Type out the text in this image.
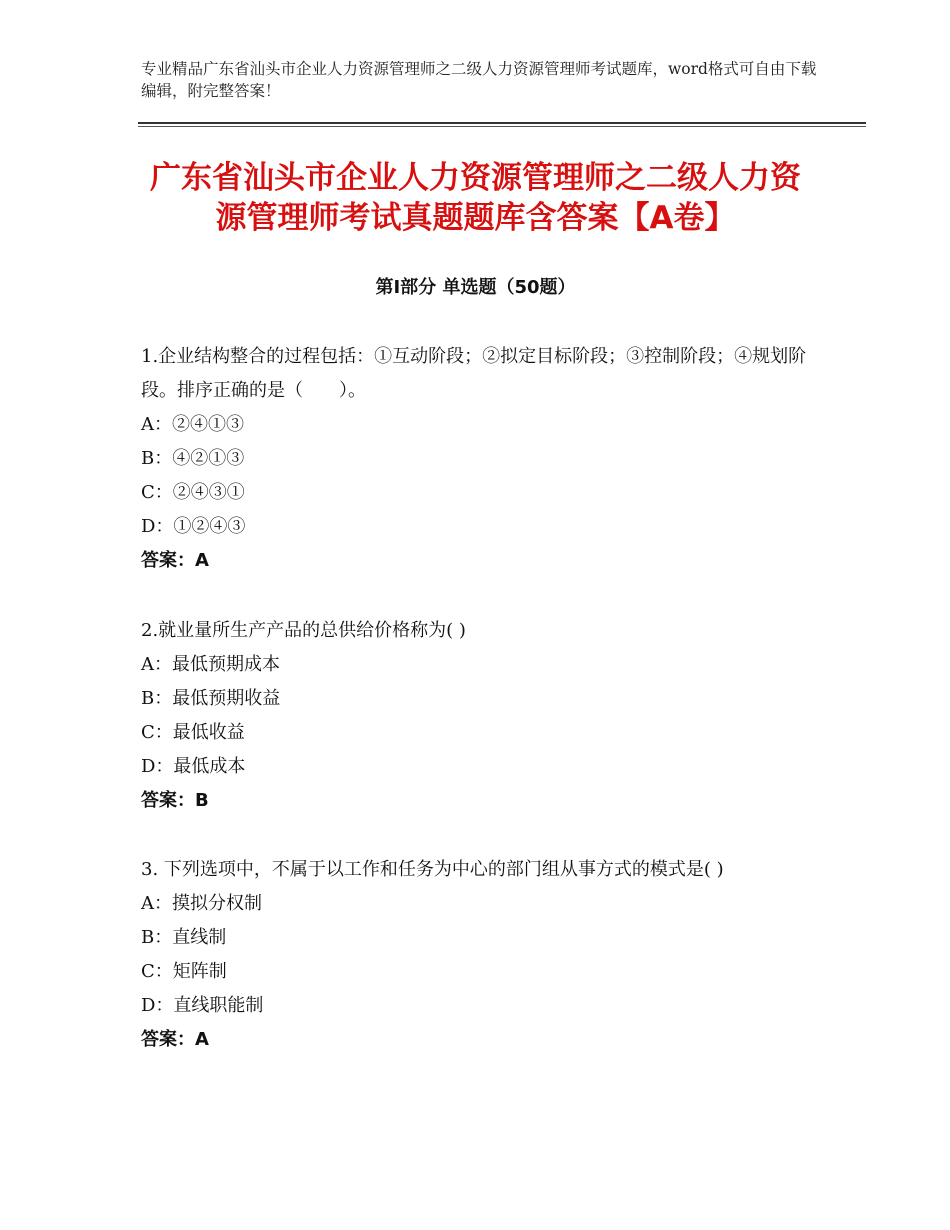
专业精品广东省汕头市企业人力资源管理师之二级人力资源管理师考试题库，word格式可自由下载编辑，附完整答案！
广东省汕头市企业人力资源管理师之二级人力资源管理师考试真题题库含答案【A卷】
第Ⅰ部分 单选题（50题）
1.企业结构整合的过程包括：①互动阶段；②拟定目标阶段；③控制阶段；④规划阶段。排序正确的是（　　）。
A：②④①③
B：④②①③
C：②④③①
D：①②④③
答案：A
2.就业量所生产产品的总供给价格称为( )
A：最低预期成本
B：最低预期收益
C：最低收益
D：最低成本
答案：B
3. 下列选项中，不属于以工作和任务为中心的部门组从事方式的模式是( )
A：摸拟分权制
B：直线制
C：矩阵制
D：直线职能制
答案：A
